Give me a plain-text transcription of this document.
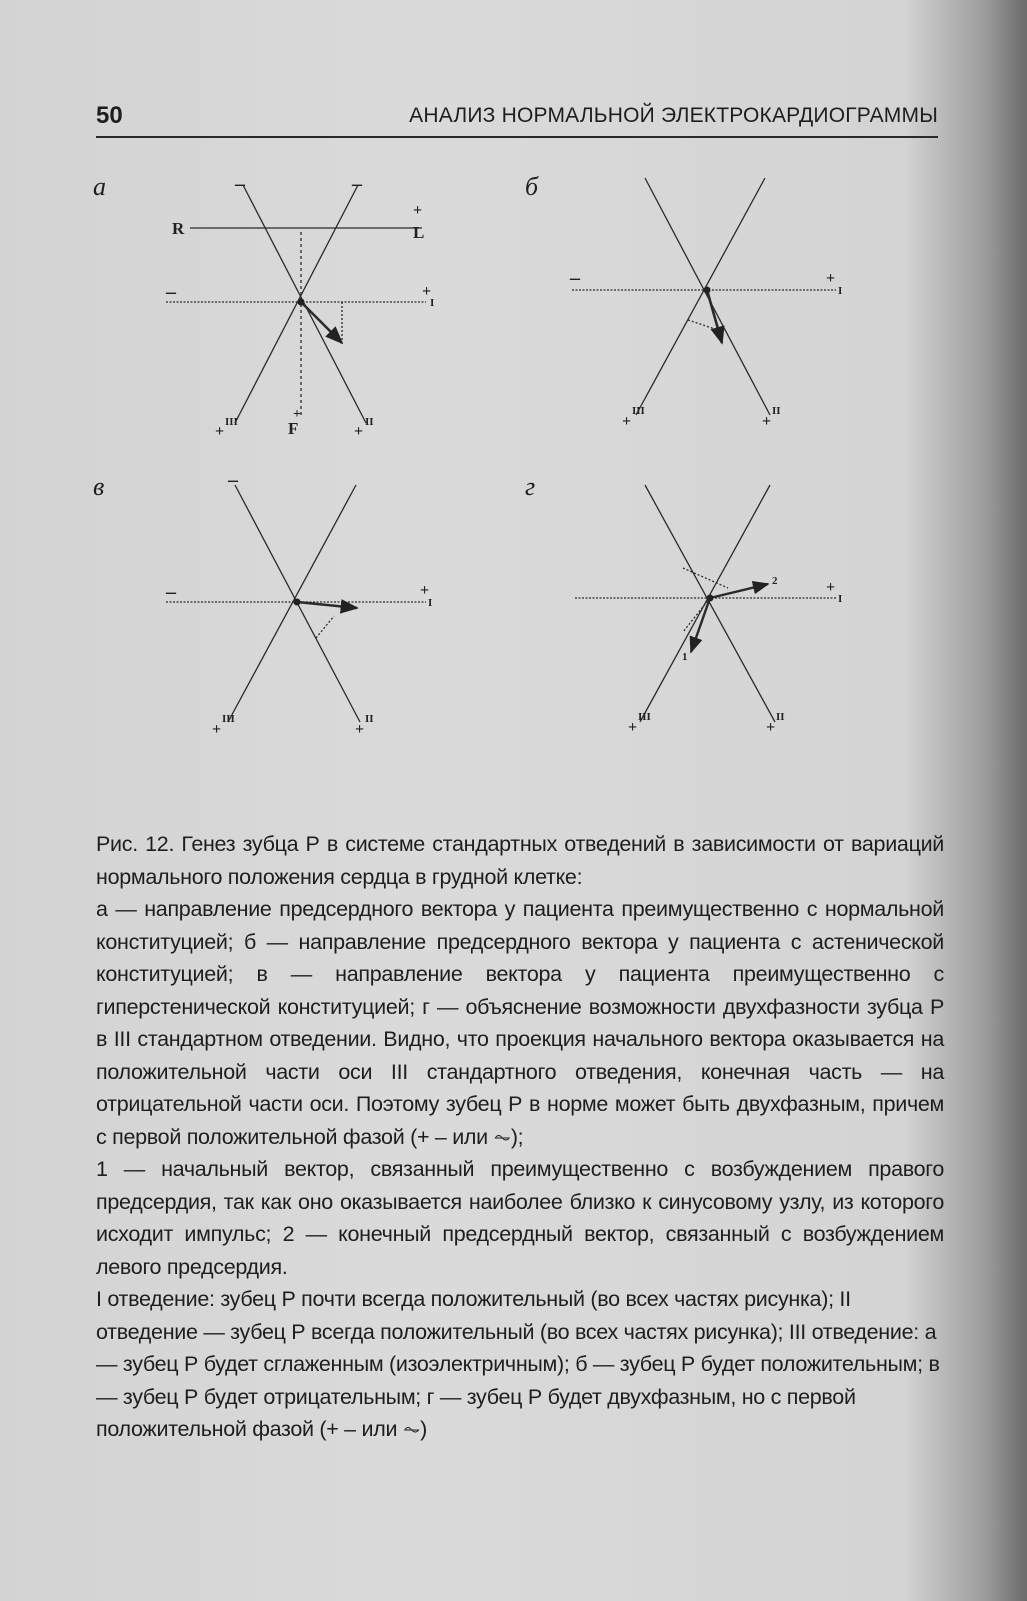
50	АНАЛИЗ НОРМАЛЬНОЙ ЭЛЕКТРОКАРДИОГРАММЫ
а	б
в	г
–	–
R
+
L
–	+
I
+
III	+
F	+
II
–	+
I
+
III
+
II
–
–	+
I
+
III
+
II
+
I
2
1
+
III
+
II

Рис. 12. Генез зубца Р в системе стандартных отведений в зависимости от вариаций нормального положения сердца в грудной клетке:

а — направление предсердного вектора у пациента преимущественно с нормальной конституцией; б — направление предсердного вектора у пациента с астенической конституцией; в — направление вектора у пациента преимущественно с гиперстенической конституцией; г — объяснение возможности двухфазности зубца Р в III стандартном отведении. Видно, что проекция начального вектора оказывается на положительной части оси III стандартного отведения, конечная часть — на отрицательной части оси. Поэтому зубец Р в норме может быть двухфазным, причем с первой положительной фазой (+ – или ⏦);

1 — начальный вектор, связанный преимущественно с возбуждением правого предсердия, так как оно оказывается наиболее близко к синусовому узлу, из которого исходит импульс; 2 — конечный предсердный вектор, связанный с возбуждением левого предсердия.

I отведение: зубец Р почти всегда положительный (во всех частях рисунка); II отведение — зубец Р всегда положительный (во всех частях рисунка); III отведение: а — зубец Р будет сглаженным (изоэлектричным); б — зубец Р будет положительным; в — зубец Р будет отрицательным; г — зубец Р будет двухфазным, но с первой положительной фазой (+ – или ⏦)
